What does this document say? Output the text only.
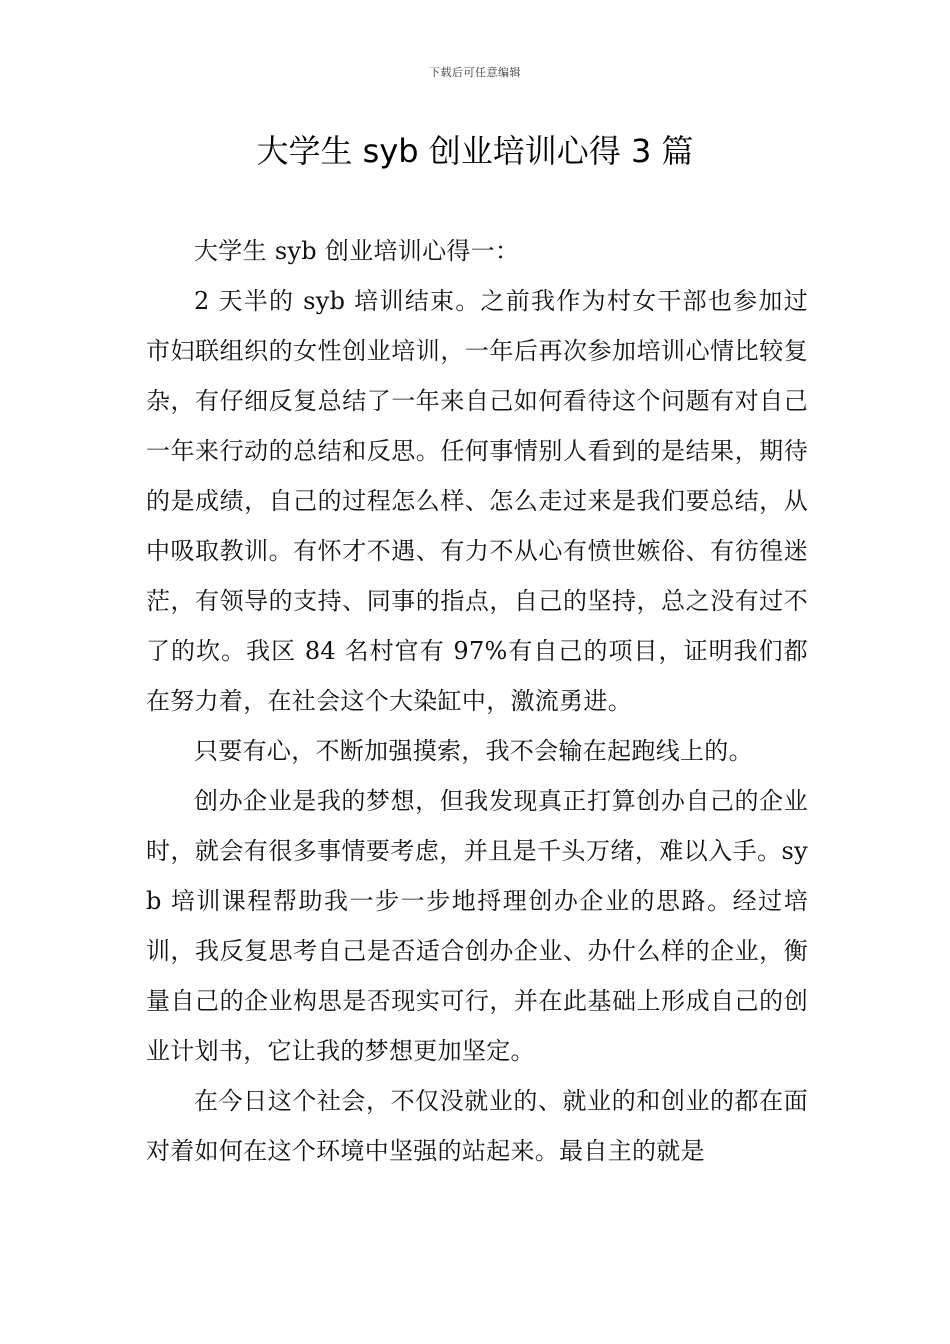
下载后可任意编辑
大学生 syb 创业培训心得 3 篇

大学生 syb 创业培训心得一：

2 天半的 syb 培训结束。之前我作为村女干部也参加过市妇联组织的女性创业培训，一年后再次参加培训心情比较复杂，有仔细反复总结了一年来自己如何看待这个问题有对自己一年来行动的总结和反思。任何事情别人看到的是结果，期待的是成绩，自己的过程怎么样、怎么走过来是我们要总结，从中吸取教训。有怀才不遇、有力不从心有愤世嫉俗、有彷徨迷茫，有领导的支持、同事的指点，自己的坚持，总之没有过不了的坎。我区 84 名村官有 97%有自己的项目，证明我们都在努力着，在社会这个大染缸中，激流勇进。

只要有心，不断加强摸索，我不会输在起跑线上的。

创办企业是我的梦想，但我发现真正打算创办自己的企业时，就会有很多事情要考虑，并且是千头万绪，难以入手。syb 培训课程帮助我一步一步地捋理创办企业的思路。经过培训，我反复思考自己是否适合创办企业、办什么样的企业，衡量自己的企业构思是否现实可行，并在此基础上形成自己的创业计划书，它让我的梦想更加坚定。

在今日这个社会，不仅没就业的、就业的和创业的都在面对着如何在这个环境中坚强的站起来。最自主的就是
